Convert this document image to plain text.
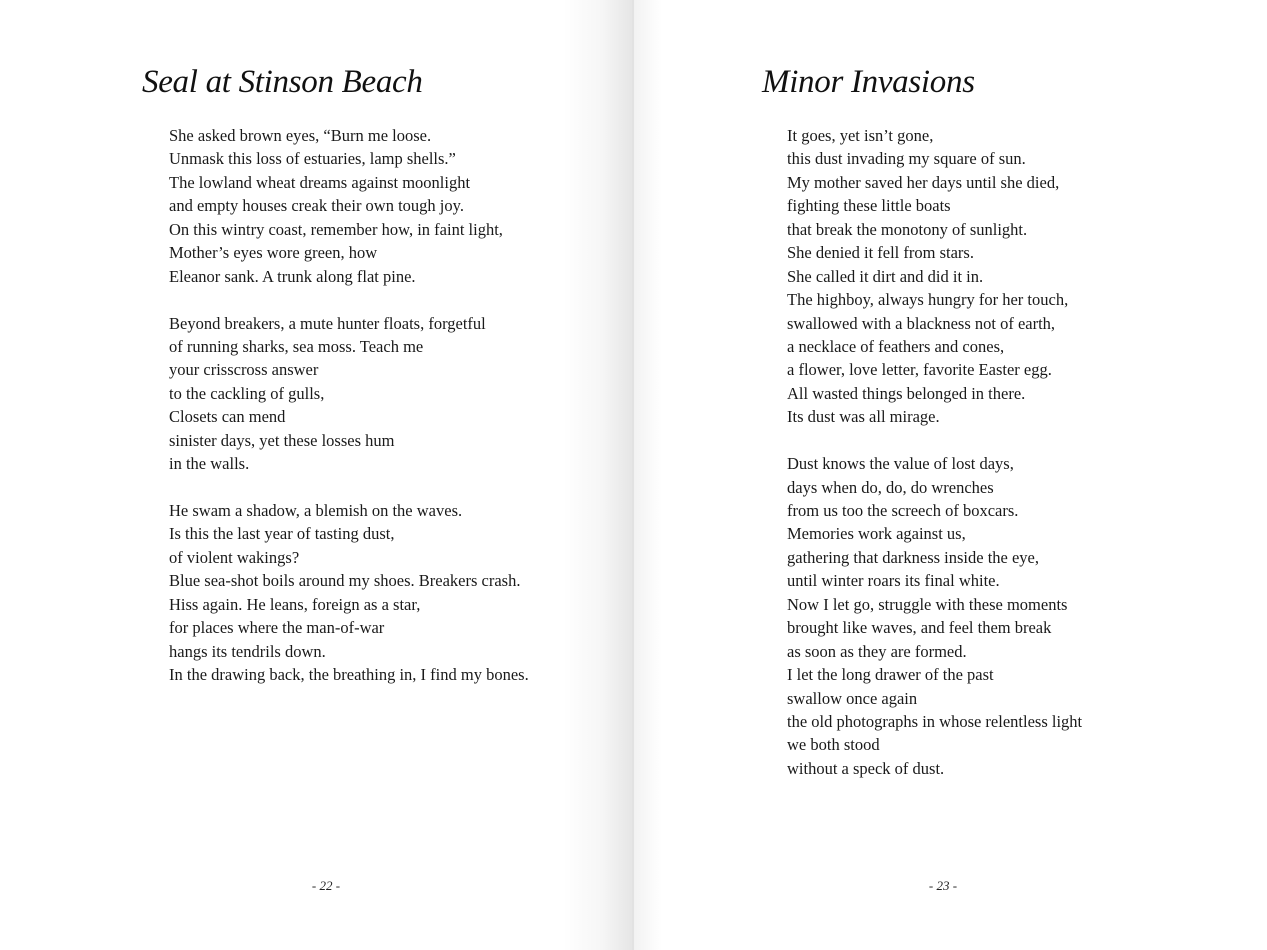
Seal at Stinson Beach
She asked brown eyes, “Burn me loose.
Unmask this loss of estuaries, lamp shells.”
The lowland wheat dreams against moonlight
and empty houses creak their own tough joy.
On this wintry coast, remember how, in faint light,
Mother’s eyes wore green, how
Eleanor sank. A trunk along flat pine.
Beyond breakers, a mute hunter floats, forgetful
of running sharks, sea moss. Teach me
your crisscross answer
to the cackling of gulls,
Closets can mend
sinister days, yet these losses hum
in the walls.
He swam a shadow, a blemish on the waves.
Is this the last year of tasting dust,
of violent wakings?
Blue sea-shot boils around my shoes. Breakers crash.
Hiss again. He leans, foreign as a star,
for places where the man-of-war
hangs its tendrils down.
In the drawing back, the breathing in, I find my bones.
- 22 -
Minor Invasions
It goes, yet isn’t gone,
this dust invading my square of sun.
My mother saved her days until she died,
fighting these little boats
that break the monotony of sunlight.
She denied it fell from stars.
She called it dirt and did it in.
The highboy, always hungry for her touch,
swallowed with a blackness not of earth,
a necklace of feathers and cones,
a flower, love letter, favorite Easter egg.
All wasted things belonged in there.
Its dust was all mirage.
Dust knows the value of lost days,
days when do, do, do wrenches
from us too the screech of boxcars.
Memories work against us,
gathering that darkness inside the eye,
until winter roars its final white.
Now I let go, struggle with these moments
brought like waves, and feel them break
as soon as they are formed.
I let the long drawer of the past
swallow once again
the old photographs in whose relentless light
we both stood
without a speck of dust.
- 23 -
